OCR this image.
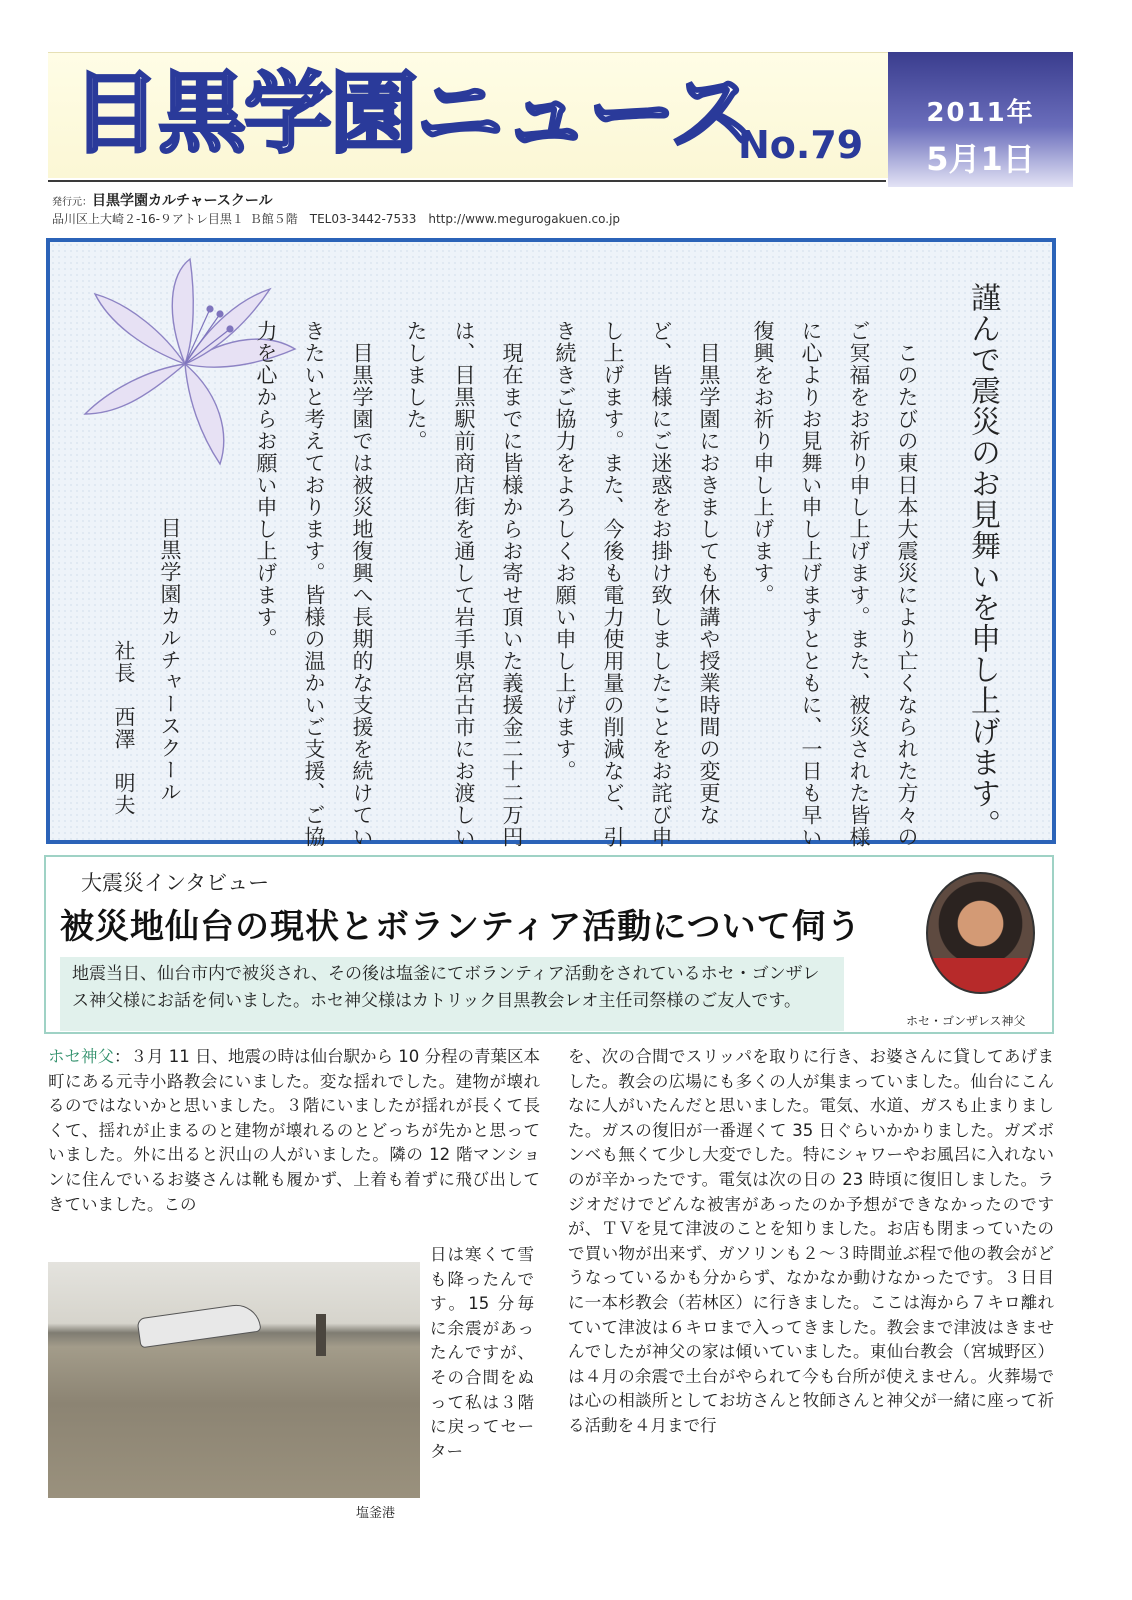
目黒学園ニュース
No.79
2011年
5月1日
発行元：目黒学園カルチャースクール
品川区上大崎２-16-９アトレ目黒１ Ｂ館５階　TEL03-3442-7533　http://www.megurogakuen.co.jp
謹んで震災のお見舞いを申し上げます。
　このたびの東日本大震災により亡くなられた方々の
ご冥福をお祈り申し上げます。また、被災された皆様
に心よりお見舞い申し上げますとともに、一日も早い
復興をお祈り申し上げます。
　目黒学園におきましても休講や授業時間の変更な
ど、皆様にご迷惑をお掛け致しましたことをお詫び申
し上げます。また、今後も電力使用量の削減など、引
き続きご協力をよろしくお願い申し上げます。
　現在までに皆様からお寄せ頂いた義援金二十二万円
は、目黒駅前商店街を通して岩手県宮古市にお渡しい
たしました。
　目黒学園では被災地復興へ長期的な支援を続けてい
きたいと考えております。皆様の温かいご支援、ご協
力を心からお願い申し上げます。
目黒学園カルチャースクール
社長　西澤　明夫
大震災インタビュー
被災地仙台の現状とボランティア活動について伺う
地震当日、仙台市内で被災され、その後は塩釜にてボランティア活動をされているホセ・ゴンザレス神父様にお話を伺いました。ホセ神父様はカトリック目黒教会レオ主任司祭様のご友人です。
ホセ・ゴンザレス神父
ホセ神父：３月 11 日、地震の時は仙台駅から 10 分程の青葉区本町にある元寺小路教会にいました。変な揺れでした。建物が壊れるのではないかと思いました。３階にいましたが揺れが長くて長くて、揺れが止まるのと建物が壊れるのとどっちが先かと思っていました。外に出ると沢山の人がいました。隣の 12 階マンションに住んでいるお婆さんは靴も履かず、上着も着ずに飛び出してきていました。この
塩釜港
日は寒くて雪も降ったんです。15 分毎に余震があったんですが、その合間をぬって私は３階に戻ってセーター
を、次の合間でスリッパを取りに行き、お婆さんに貸してあげました。教会の広場にも多くの人が集まっていました。仙台にこんなに人がいたんだと思いました。電気、水道、ガスも止まりました。ガスの復旧が一番遅くて 35 日ぐらいかかりました。ガズボンベも無くて少し大変でした。特にシャワーやお風呂に入れないのが辛かったです。電気は次の日の 23 時頃に復旧しました。ラジオだけでどんな被害があったのか予想ができなかったのですが、ＴＶを見て津波のことを知りました。お店も閉まっていたので買い物が出来ず、ガソリンも２～３時間並ぶ程で他の教会がどうなっているかも分からず、なかなか動けなかったです。３日目に一本杉教会（若林区）に行きました。ここは海から７キロ離れていて津波は６キロまで入ってきました。教会まで津波はきませんでしたが神父の家は傾いていました。東仙台教会（宮城野区）は４月の余震で土台がやられて今も台所が使えません。火葬場では心の相談所としてお坊さんと牧師さんと神父が一緒に座って祈る活動を４月まで行
